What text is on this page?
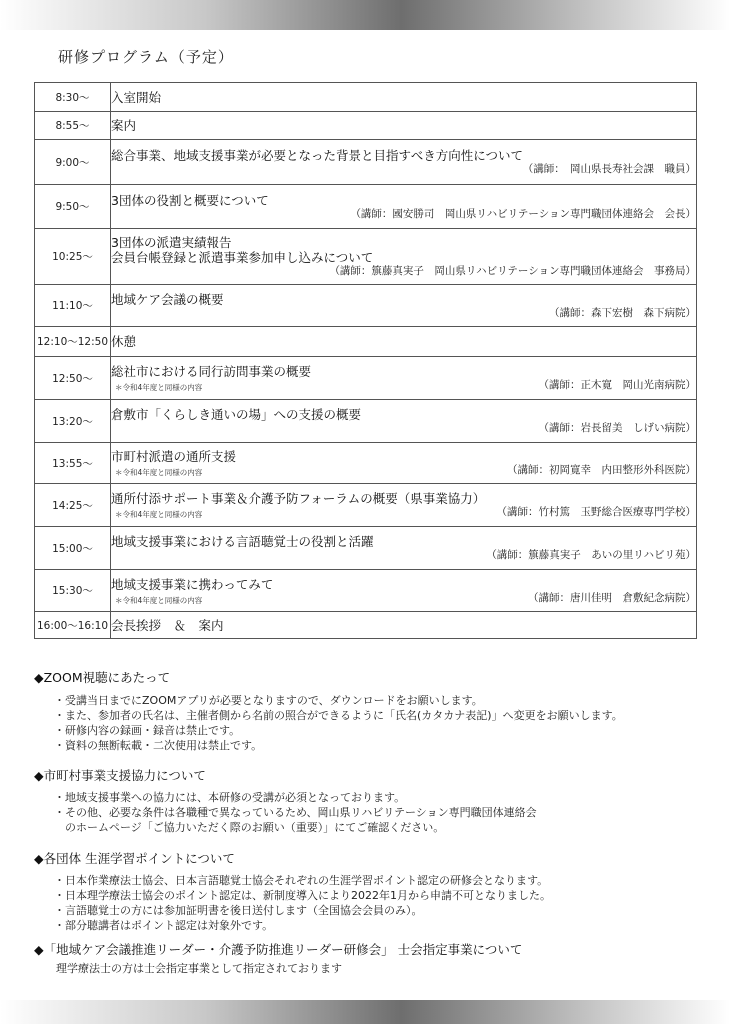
研修プログラム（予定）
8:30～	入室開始

8:55～	案内

9:00～	総合事業、地域支援事業が必要となった背景と目指すべき方向性について
（講師：　岡山県長寿社会課　職員）

9:50～	3団体の役割と概要について
（講師：國安勝司　岡山県リハビリテーション専門職団体連絡会　会長）

10:25～	3団体の派遣実績報告
会員台帳登録と派遣事業参加申し込みについて
（講師：簱藤真実子　岡山県リハビリテーション専門職団体連絡会　事務局）

11:10～	地域ケア会議の概要
（講師：森下宏樹　森下病院）

12:10～12:50	休憩

12:50～	総社市における同行訪問事業の概要
＊令和4年度と同様の内容 （講師：正木寛　岡山光南病院）

13:20～	倉敷市「くらしき通いの場」への支援の概要
（講師：岩長留美　しげい病院）

13:55～	市町村派遣の通所支援
＊令和4年度と同様の内容 （講師：初岡寛幸　内田整形外科医院）

14:25～	通所付添サポート事業＆介護予防フォーラムの概要（県事業協力）
＊令和4年度と同様の内容 （講師：竹村篤　玉野総合医療専門学校）

15:00～	地域支援事業における言語聴覚士の役割と活躍
（講師：簱藤真実子　あいの里リハビリ苑）

15:30～	地域支援事業に携わってみて
＊令和4年度と同様の内容 （講師：唐川佳明　倉敷紀念病院）

16:00～16:10	会長挨拶　＆　案内
◆ZOOM視聴にあたって
・受講当日までにZOOMアプリが必要となりますので、ダウンロードをお願いします。
・また、参加者の氏名は、主催者側から名前の照合ができるように「氏名(カタカナ表記)」へ変更をお願いします。
・研修内容の録画・録音は禁止です。
・資料の無断転載・二次使用は禁止です。
◆市町村事業支援協力について
・地域支援事業への協力には、本研修の受講が必須となっております。
・その他、必要な条件は各職種で異なっているため、岡山県リハビリテーション専門職団体連絡会
　のホームページ「ご協力いただく際のお願い（重要）」にてご確認ください。
◆各団体 生涯学習ポイントについて
・日本作業療法士協会、日本言語聴覚士協会それぞれの生涯学習ポイント認定の研修会となります。
・日本理学療法士協会のポイント認定は、新制度導入により2022年1月から申請不可となりました。
・言語聴覚士の方には参加証明書を後日送付します（全国協会会員のみ）。
・部分聴講者はポイント認定は対象外です。
◆「地域ケア会議推進リーダー・介護予防推進リーダー研修会」 士会指定事業について
理学療法士の方は士会指定事業として指定されております
